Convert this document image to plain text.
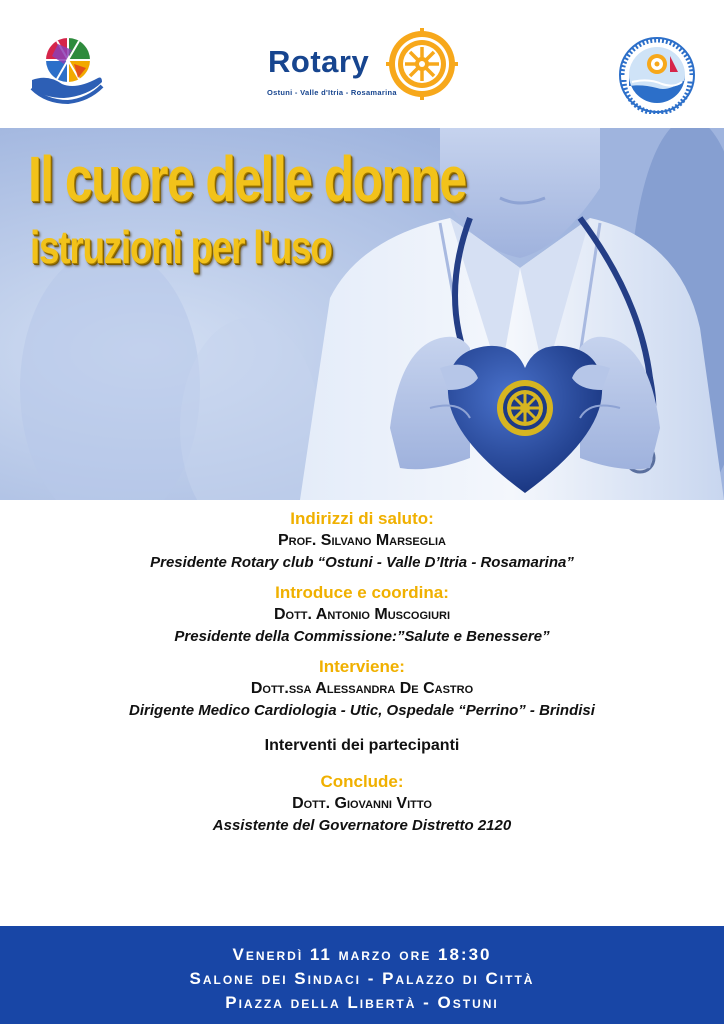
Rotary
Ostuni - Valle d'Itria - Rosamarina
Il cuore delle donne
istruzioni per l'uso
Indirizzi di saluto:
Prof. Silvano Marseglia
Presidente Rotary club “Ostuni - Valle D’Itria - Rosamarina”
Introduce e coordina:
Dott. Antonio Muscogiuri
Presidente della Commissione:”Salute e Benessere”
Interviene:
Dott.ssa Alessandra De Castro
Dirigente Medico Cardiologia - Utic, Ospedale “Perrino” - Brindisi
Interventi dei partecipanti
Conclude:
Dott. Giovanni Vitto
Assistente del Governatore Distretto 2120
Venerdì 11 marzo ore 18:30
Salone dei Sindaci - Palazzo di Città
Piazza della Libertà - Ostuni
